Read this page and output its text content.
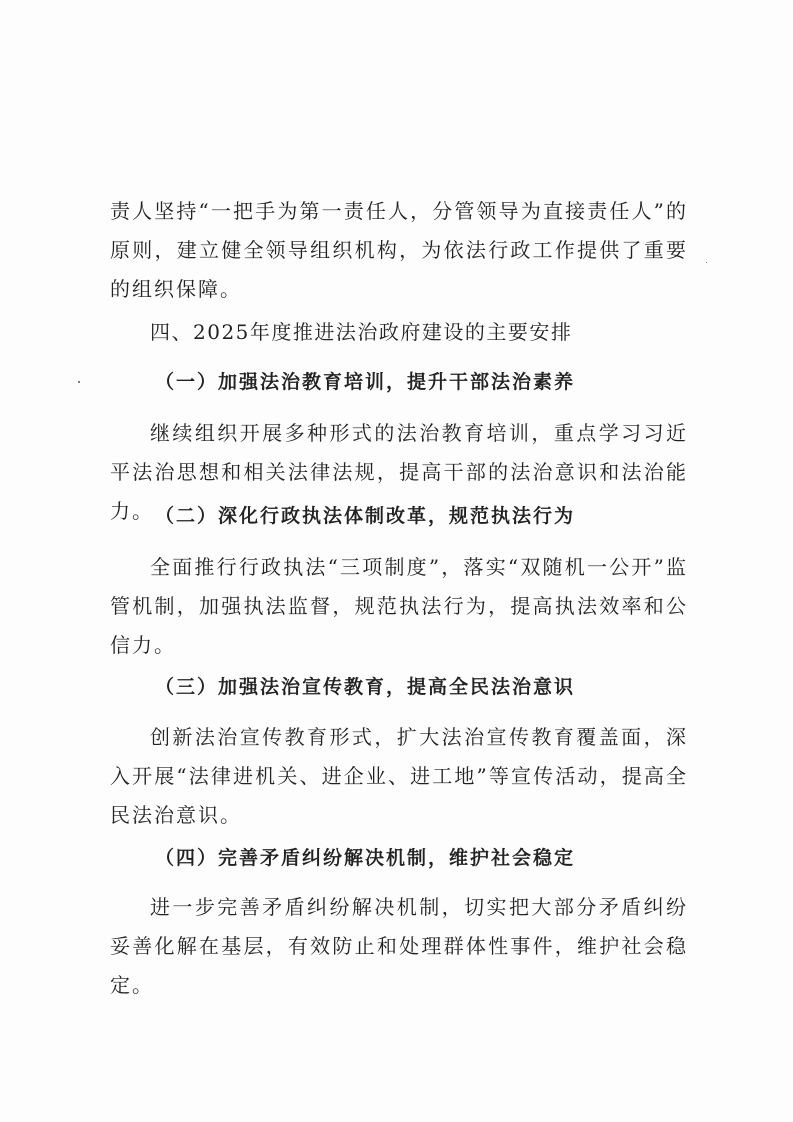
责人坚持“一把手为第一责任人，分管领导为直接责任人”的原则，建立健全领导组织机构，为依法行政工作提供了重要的组织保障。

四、2025年度推进法治政府建设的主要安排
（一）加强法治教育培训，提升干部法治素养

继续组织开展多种形式的法治教育培训，重点学习习近平法治思想和相关法律法规，提高干部的法治意识和法治能力。 （二）深化行政执法体制改革，规范执法行为

全面推行行政执法“三项制度”，落实“双随机一公开”监管机制，加强执法监督，规范执法行为，提高执法效率和公信力。

（三）加强法治宣传教育，提高全民法治意识

创新法治宣传教育形式，扩大法治宣传教育覆盖面，深入开展“法律进机关、进企业、进工地”等宣传活动，提高全民法治意识。

（四）完善矛盾纠纷解决机制，维护社会稳定

进一步完善矛盾纠纷解决机制，切实把大部分矛盾纠纷妥善化解在基层，有效防止和处理群体性事件，维护社会稳定。
